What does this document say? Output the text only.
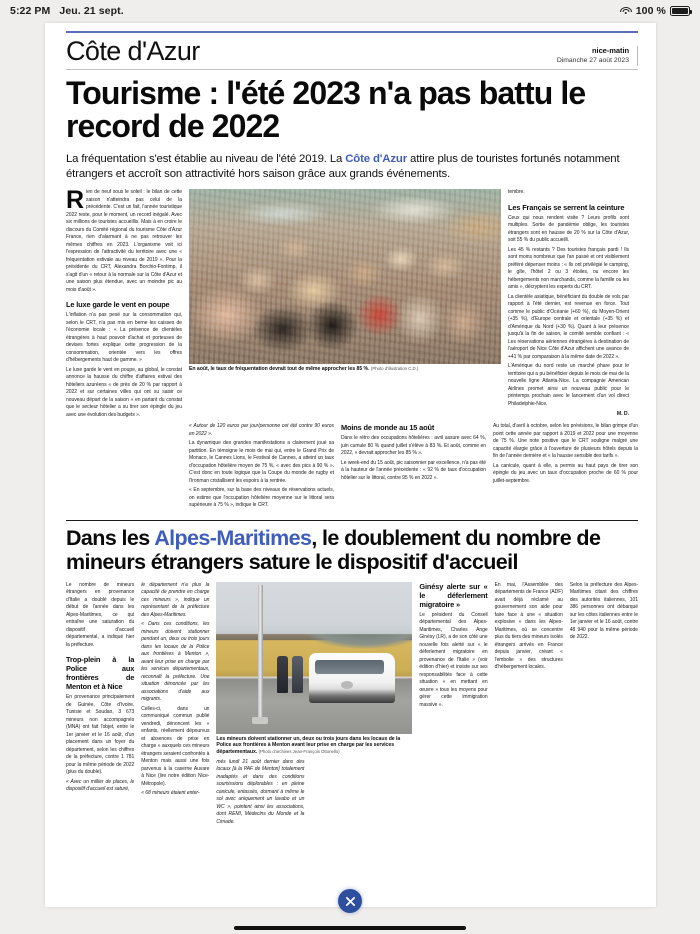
5:22 PM Jeu. 21 sept.	100 %
Côte d'Azur	nice-matin
Dimanche 27 août 2023
Tourisme : l'été 2023 n'a pas battu le record de 2022
La fréquentation s'est établie au niveau de l'été 2019. La Côte d'Azur attire plus de touristes fortunés notamment étrangers et accroît son attractivité hors saison grâce aux grands événements.

Rien de neuf sous le soleil : le bilan de cette saison n'atteindra pas celui de la précédente. C'est un fait, l'année touristique 2022 reste, pour le moment, un record inégalé. Avec six millions de touristes accueillis. Mais à en croire le discours du Comité régional du tourisme Côte d'Azur France, rien d'alarmant à ne pas retrouver les mêmes chiffres en 2023. L'organisme voit ici l'expression de l'attractivité du territoire avec une « fréquentation estivale au niveau de 2019 ». Pour la présidente du CRT, Alexandra Borchio-Fontimp, il s'agit d'un « retour à la normale sur la Côte d'Azur et une saison plus étendue, avec un moindre pic au mois d'août ».

Le luxe garde le vent en poupe

L'inflation n'a pas pesé sur la consommation qui, selon le CRT, n'a pas mis en berne les caisses de l'économie locale : « La présence de clientèles étrangères à haut pouvoir d'achat et porteuses de devises fortes explique cette progression de la consommation, orientée vers les offres d'hébergements haut de gamme. »

Le luxe garde le vent en poupe, au global, le constat annonce la hausse du chiffre d'affaires estival des hôteliers azuréens « de près de 20 % par rapport à 2022 et sur certaines villes qui ont su saisir ce nouveau départ de la saison « en partant du constat que le secteur hôtelier a su tirer son épingle du jeu avec une évolution des budgets ».

En août, le taux de fréquentation devrait tout de même approcher les 85 %. (Photo d'illustration C.D.)

tembre.

Les Français se serrent la ceinture

Ceux qui nous rendent visite ? Leurs profils sont multiples. Sortie de pandémie oblige, les touristes étrangers sont en hausse de 20 % sur la Côte d'Azur, soit 55 % du public accueilli.

Les 45 % restants ? Des touristes français pardi ! Ils sont moins nombreux que l'an passé et ont visiblement préféré dépenser moins : « Ils ont privilégié le camping, le gîte, l'hôtel 2 ou 3 étoiles, ou encore les hébergements non marchands, comme la famille ou les amis », décryptent les experts du CRT.

La clientèle asiatique, bénéficiant du double de vols par rapport à l'été dernier, est revenue en force. Tout comme le public d'Océanie (+60 %), du Moyen-Orient (+35 %), d'Europe centrale et orientale (+35 %) et d'Amérique du Nord (+30 %). Quant à leur présence jusqu'à la fin de saison, le comité semble confiant : « Les réservations aériennes étrangères à destination de l'aéroport de Nice Côte d'Azur affichent une avance de +41 % par comparaison à la même date de 2022 ».

L'Amérique du nord reste un marché phare pour le territoire qui a pu bénéficier depuis le mois de mai de la nouvelle ligne Atlanta-Nice. La compagnie American Airlines promet ainsi un nouveau public pour le printemps prochain avec le lancement d'un vol direct Philadelphie-Nice.

M. D.

« Autour de 120 euros par jour/personne cet été contre 90 euros en 2022 ».

La dynamique des grandes manifestations a clairement joué sa partition. En témoigne le mois de mai qui, entre le Grand Prix de Monaco, le Cannes Lions, le Festival de Cannes, a atteint un taux d'occupation hôtelière moyen de 75 %, « avec des pics à 90 % ». C'est donc en toute logique que la Coupe du monde de rugby et l'Ironman cristallisent les espoirs à la rentrée.

« En septembre, sur la base des niveaux de réservations actuels, on estime que l'occupation hôtelière moyenne sur le littoral sera supérieure à 75 % », indique le CRT.

Moins de monde au 15 août

Dans le rétro des occupations hôtelières : avril assure avec 64 %, juin cumule 80 % quand juillet s'élève à 83 %. Et août, comme en 2022, « devrait approcher les 85 % ».

Le week-end du 15 août, pic saisonnier par excellence, n'a pas été à la hauteur de l'année précédente : « 92 % de taux d'occupation hôtelier sur le littoral, contre 95 % en 2022 ».

Au total, d'avril à octobre, selon les prévisions, le bilan grimpe d'un point cette année par rapport à 2019 et 2022 pour une moyenne de 75 %. Une note positive que le CRT souligne malgré une capacité élargie grâce à l'ouverture de plusieurs hôtels depuis la fin de l'année dernière et « la hausse sensible des tarifs ».

La canicule, quant à elle, a permis au haut pays de tirer son épingle du jeu avec un taux d'occupation proche de 60 % pour juillet-septembre.

Dans les Alpes-Maritimes, le doublement du nombre de mineurs étrangers sature le dispositif d'accueil

Le nombre de mineurs étrangers en provenance d'Italie a doublé depuis le début de l'année dans les Alpes-Maritimes, ce qui entraîne une saturation du dispositif d'accueil départemental, a indiqué hier la préfecture.

Trop-plein à la Police aux frontières de Menton et à Nice

En provenance principalement de Guinée, Côte d'Ivoire, Tunisie et Soudan, 3 673 mineurs non accompagnés (MNA) ont fait l'objet, entre le 1er janvier et le 16 août, d'un placement dans un foyer du département, selon les chiffres de la préfecture, contre 1 781 pour la même période de 2022 (plus du double).

« Avec un millier de places, le dispositif d'accueil est saturé,

le département n'a plus la capacité de prendre en charge ces mineurs », indique un représentant de la préfecture des Alpes-Maritimes.

« Dans ces conditions, les mineurs doivent stationner pendant un, deux ou trois jours dans les locaux de la Police aux frontières à Menton », avant leur prise en charge par les services départementaux, reconnaît la préfecture. Une situation dénoncée par les associations d'aide aux migrants.

Celles-ci, dans un communiqué commun publié vendredi, dénoncent les « enfants, réellement dépourvus et absences de prise en charge » auxquels ces mineurs étrangers seraient confrontés à Menton mais aussi une fois parvenus à la caserne Auvare à Nice (lire notre édition Nice-Métropole).

« 68 mineurs étaient enter-

Les mineurs doivent stationner un, deux ou trois jours dans les locaux de la Police aux frontières à Menton avant leur prise en charge par les services départementaux. (Photo d'archives Jean-François Ottonello)

més lundi 21 août dernier dans des locaux [à la PAF de Menton] totalement inadaptés et dans des conditions soumissions déplorables : en pleine canicule, entassés, dormant à même le sol avec uniquement un lavabo et un WC », pointent ainsi les associations, dont REMI, Médecins du Monde et la Cimade.

Ginésy alerte sur « le déferlement migratoire »

Le président du Conseil départemental des Alpes-Maritimes, Charles Ange Ginésy (LR), a de son côté une nouvelle fois alerté sur « le déferlement migratoire en provenance de l'Italie » (voir édition d'hier) et insiste sur ses responsabilités face à cette situation « en mettant en œuvre » tous les moyens pour gérer cette immigration massive ».

En mai, l'Assemblée des départements de France (ADF) avait déjà réclamé au gouvernement son aide pour faire face à une « situation explosive » dans les Alpes-Maritimes, où se concentre plus du tiers des mineurs isolés étrangers arrivés en France depuis janvier, créant « l'embolie » des structures d'hébergement locales.

Selon la préfecture des Alpes-Maritimes citant des chiffres des autorités italiennes, 101 386 personnes ont débarqué sur les côtes italiennes entre le 1er janvier et le 16 août, contre 48 940 pour la même période de 2022.
